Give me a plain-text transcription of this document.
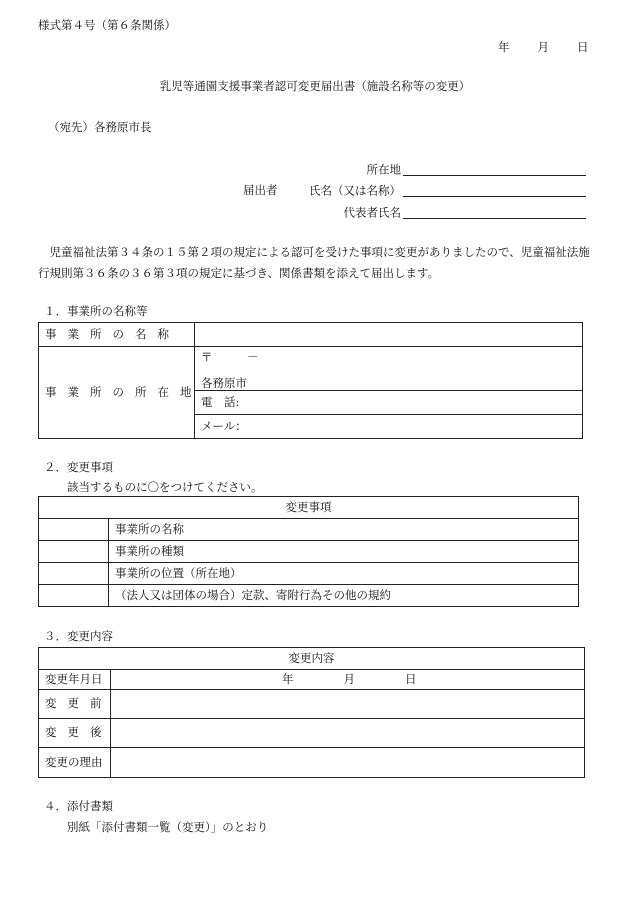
様式第４号（第６条関係）
年 月 日
乳児等通園支援事業者認可変更届出書（施設名称等の変更）
（宛先）各務原市長
所在地
届出者	氏名（又は名称）
代表者氏名
児童福祉法第３４条の１５第２項の規定による認可を受けた事項に変更がありましたので、児童福祉法施行規則第３６条の３６第３項の規定に基づき、関係書類を添えて届出します。
１．事業所の名称等
事業所の名称	
事業所の所在地	〒　　　－
各務原市

	電　話:
	メール：
２．変更事項
該当するものに〇をつけてください。
変更事項	
	事業所の名称
	事業所の種類
	事業所の位置（所在地）
	（法人又は団体の場合）定款、寄附行為その他の規約
３．変更内容
変更内容	
変更年月日	年 月 日
変更前	
変更後	
変更の理由	
４．添付書類
別紙「添付書類一覧（変更）」のとおり
